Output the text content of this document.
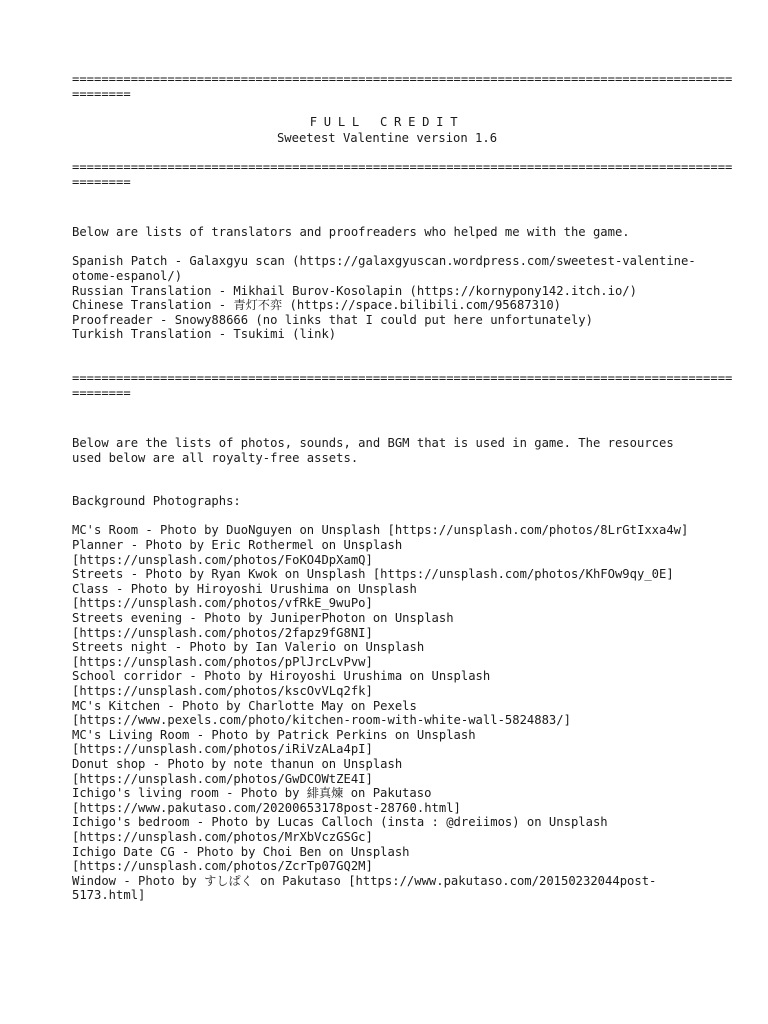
==========================================================================================
========
FULL CREDIT
Sweetest Valentine version 1.6
==========================================================================================
========
Below are lists of translators and proofreaders who helped me with the game.
Spanish Patch - Galaxgyu scan (https://galaxgyuscan.wordpress.com/sweetest-valentine-otome-espanol/)
Russian Translation - Mikhail Burov-Kosolapin (https://kornypony142.itch.io/)
Chinese Translation - 青灯不弈 (https://space.bilibili.com/95687310)
Proofreader - Snowy88666 (no links that I could put here unfortunately)
Turkish Translation - Tsukimi (link)
==========================================================================================
========
Below are the lists of photos, sounds, and BGM that is used in game. The resources used below are all royalty-free assets.
Background Photographs:
MC's Room - Photo by DuoNguyen on Unsplash [https://unsplash.com/photos/8LrGtIxxa4w]
Planner - Photo by Eric Rothermel on Unsplash [https://unsplash.com/photos/FoKO4DpXamQ]
Streets - Photo by Ryan Kwok on Unsplash [https://unsplash.com/photos/KhFOw9qy_0E]
Class - Photo by Hiroyoshi Urushima on Unsplash [https://unsplash.com/photos/vfRkE_9wuPo]
Streets evening - Photo by JuniperPhoton on Unsplash [https://unsplash.com/photos/2fapz9fG8NI]
Streets night - Photo by Ian Valerio on Unsplash [https://unsplash.com/photos/pPlJrcLvPvw]
School corridor - Photo by Hiroyoshi Urushima on Unsplash [https://unsplash.com/photos/kscOvVLq2fk]
MC's Kitchen - Photo by Charlotte May on Pexels [https://www.pexels.com/photo/kitchen-room-with-white-wall-5824883/]
MC's Living Room - Photo by Patrick Perkins on Unsplash [https://unsplash.com/photos/iRiVzALa4pI]
Donut shop - Photo by note thanun on Unsplash [https://unsplash.com/photos/GwDCOWtZE4I]
Ichigo's living room - Photo by 緋真煉 on Pakutaso [https://www.pakutaso.com/20200653178post-28760.html]
Ichigo's bedroom - Photo by Lucas Calloch (insta : @dreiimos) on Unsplash [https://unsplash.com/photos/MrXbVczGSGc]
Ichigo Date CG - Photo by Choi Ben on Unsplash [https://unsplash.com/photos/ZcrTp07GQ2M]
Window - Photo by すしぱく on Pakutaso [https://www.pakutaso.com/20150232044post-5173.html]
